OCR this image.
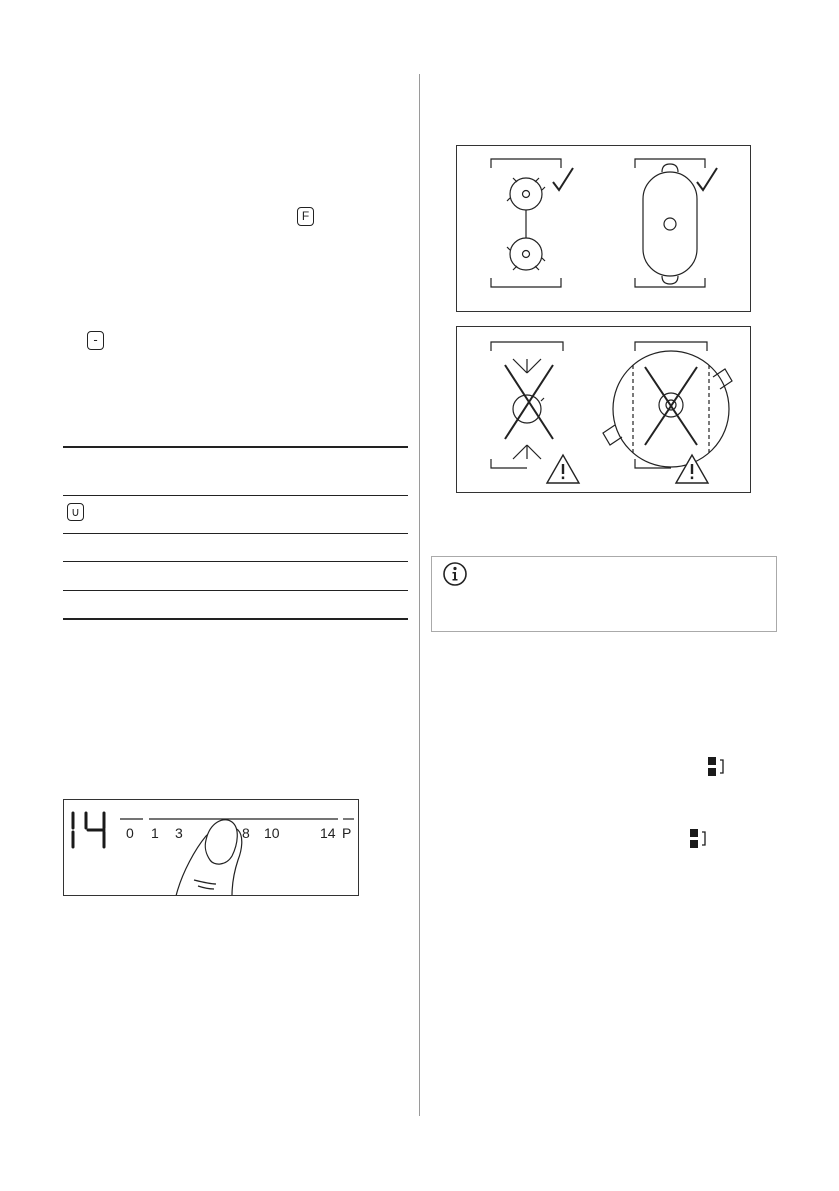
F
-
∪
0 1 3	8 10	14 P
